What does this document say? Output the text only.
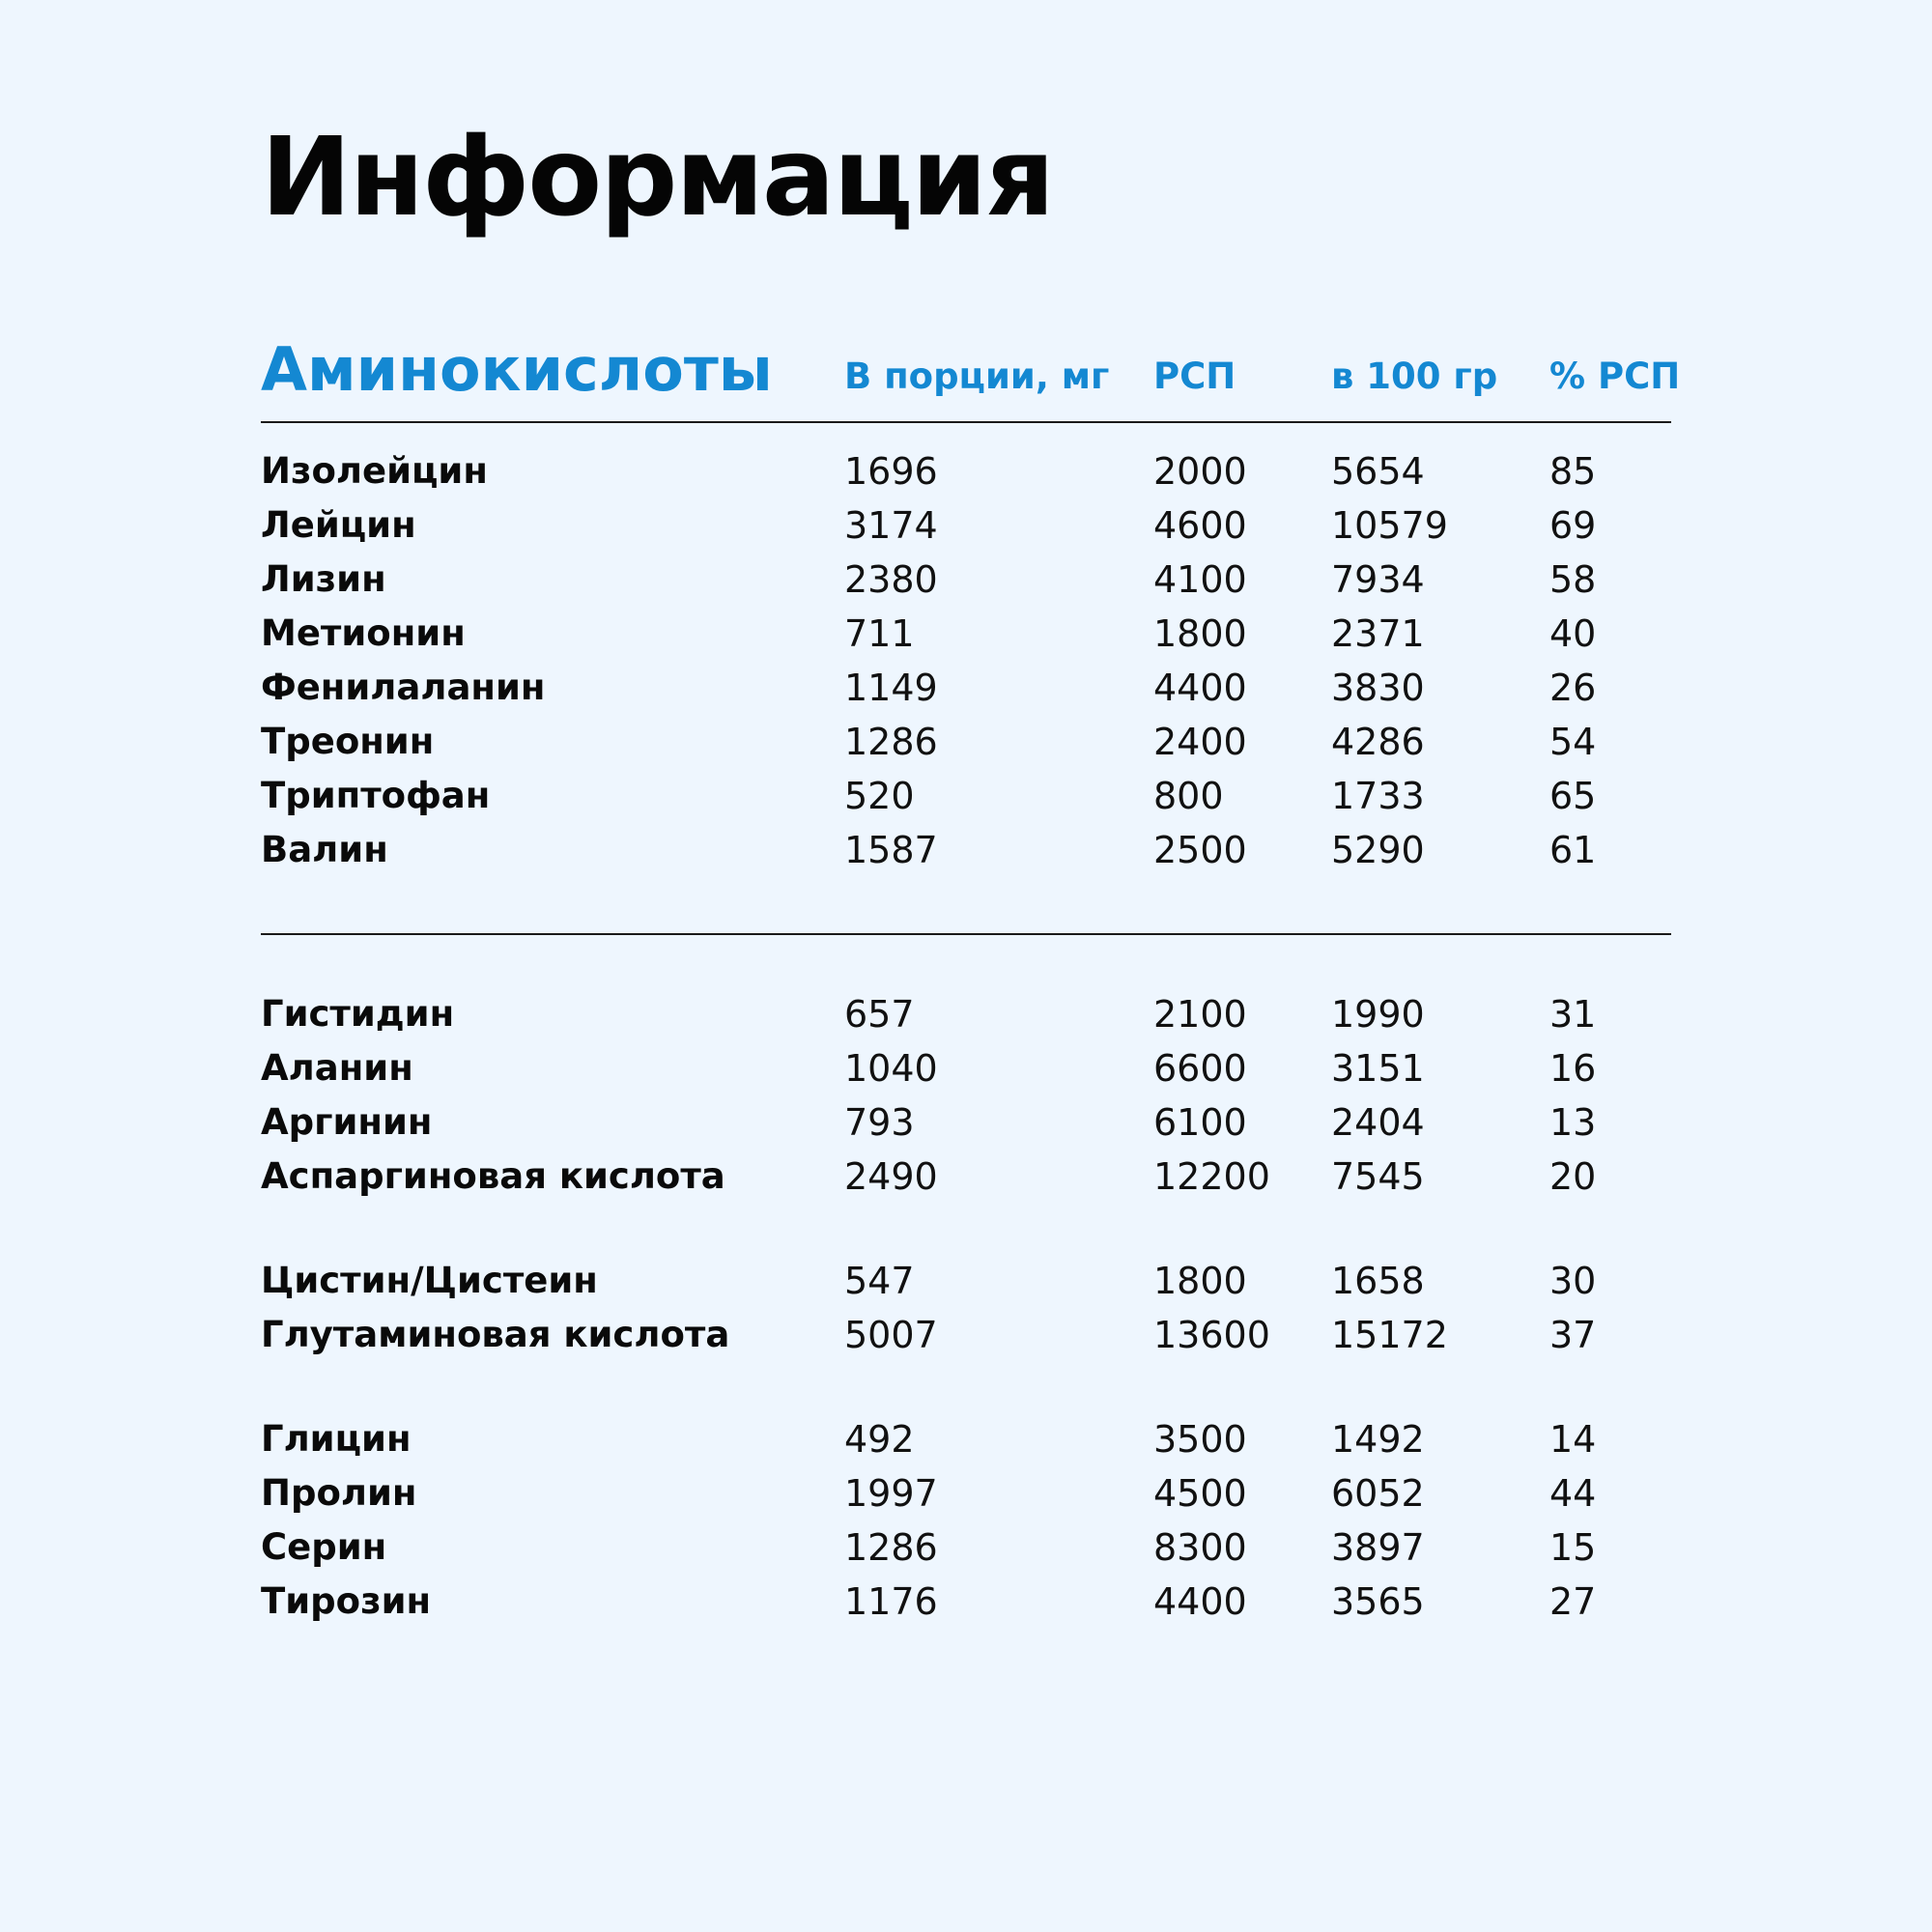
Информация
Аминокислоты	В порции, мг	РСП	в 100 гр	% РСП
Изолейцин	1696	2000	5654	85
Лейцин	3174	4600	10579	69
Лизин	2380	4100	7934	58
Метионин	711	1800	2371	40
Фенилаланин	1149	4400	3830	26
Треонин	1286	2400	4286	54
Триптофан	520	800	1733	65
Валин	1587	2500	5290	61
Гистидин	657	2100	1990	31
Аланин	1040	6600	3151	16
Аргинин	793	6100	2404	13
Аспаргиновая кислота	2490	12200	7545	20
Цистин/Цистеин	547	1800	1658	30
Глутаминовая кислота	5007	13600	15172	37
Глицин	492	3500	1492	14
Пролин	1997	4500	6052	44
Серин	1286	8300	3897	15
Тирозин	1176	4400	3565	27
